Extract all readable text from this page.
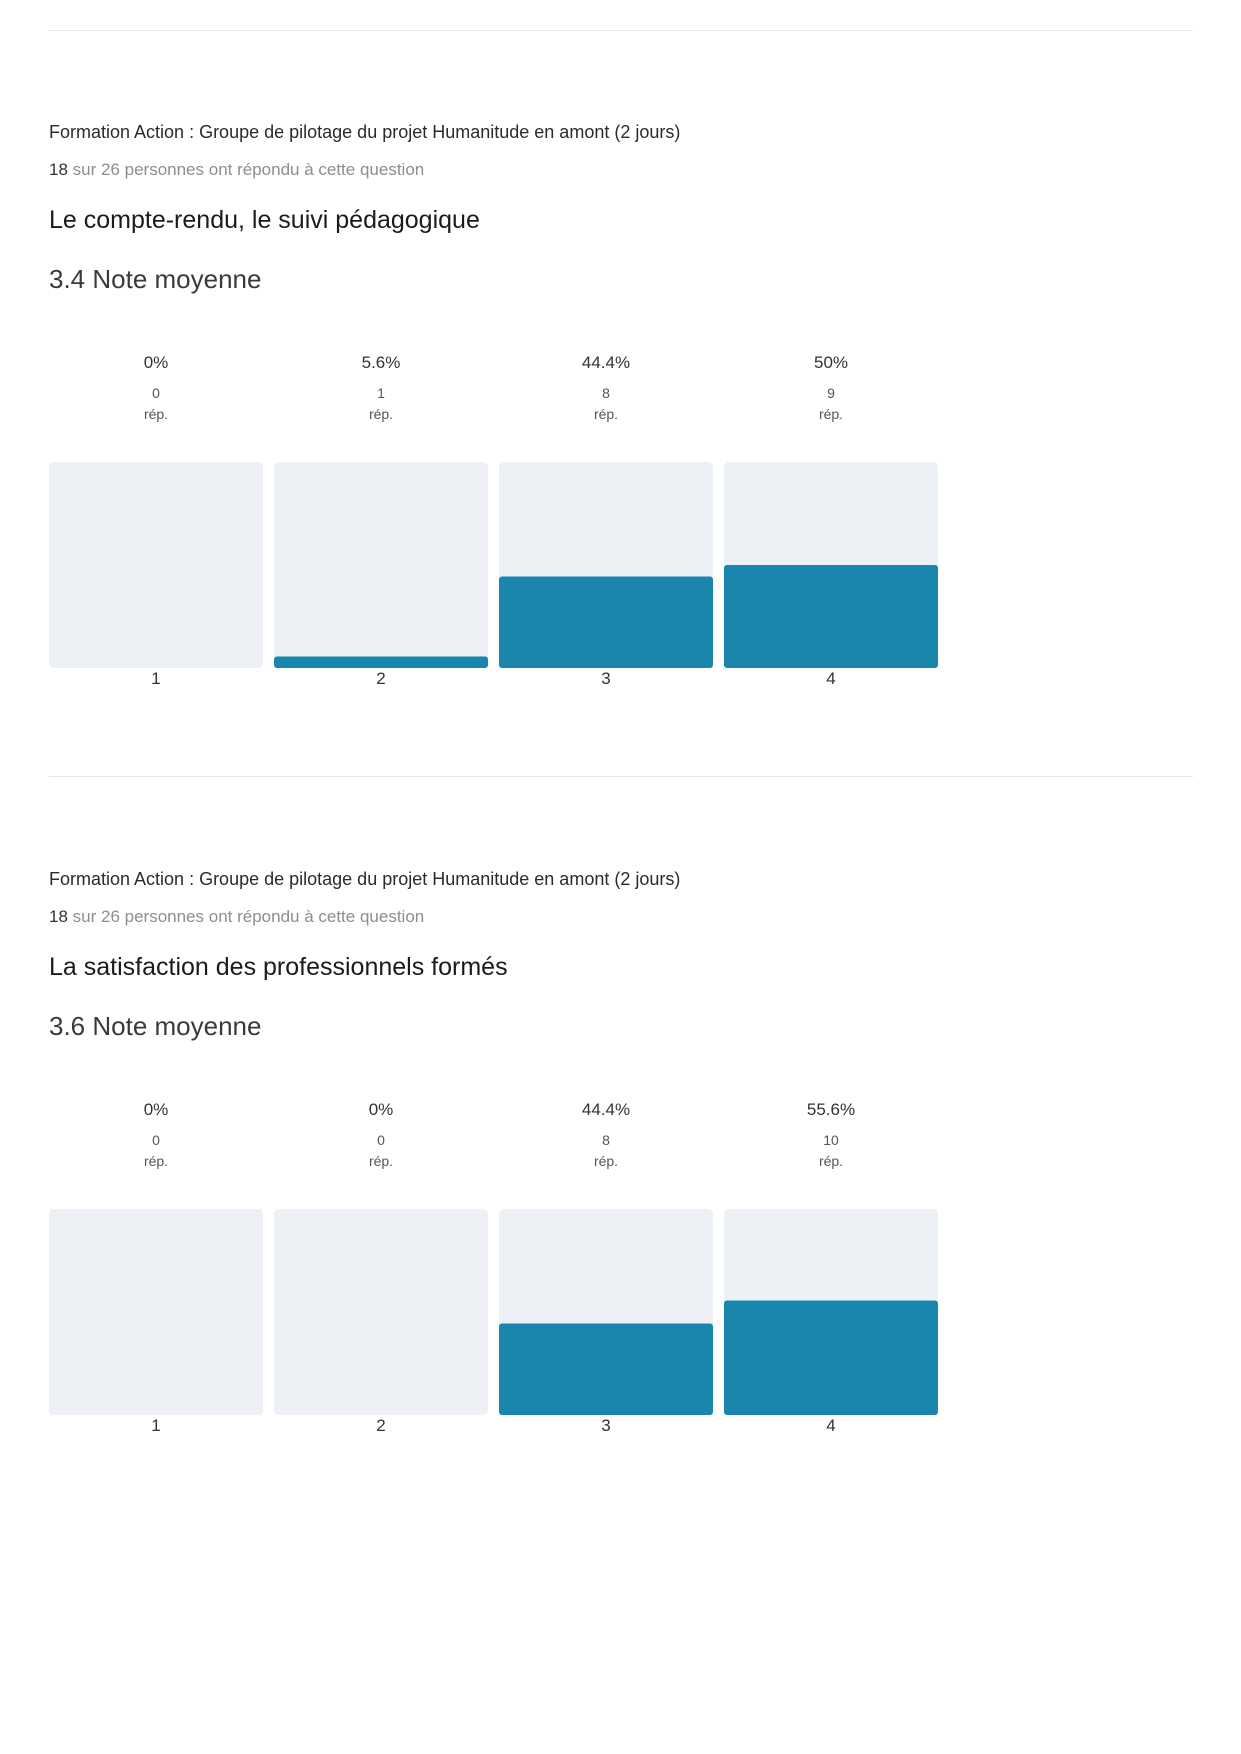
Formation Action : Groupe de pilotage du projet Humanitude en amont (2 jours)
18 sur 26 personnes ont répondu à cette question
Le compte-rendu, le suivi pédagogique
3.4 Note moyenne
0%
0
rép.
1
5.6%
1
rép.
2
44.4%
8
rép.
3
50%
9
rép.
4
Formation Action : Groupe de pilotage du projet Humanitude en amont (2 jours)
18 sur 26 personnes ont répondu à cette question
La satisfaction des professionnels formés
3.6 Note moyenne
0%
0
rép.
1
0%
0
rép.
2
44.4%
8
rép.
3
55.6%
10
rép.
4
